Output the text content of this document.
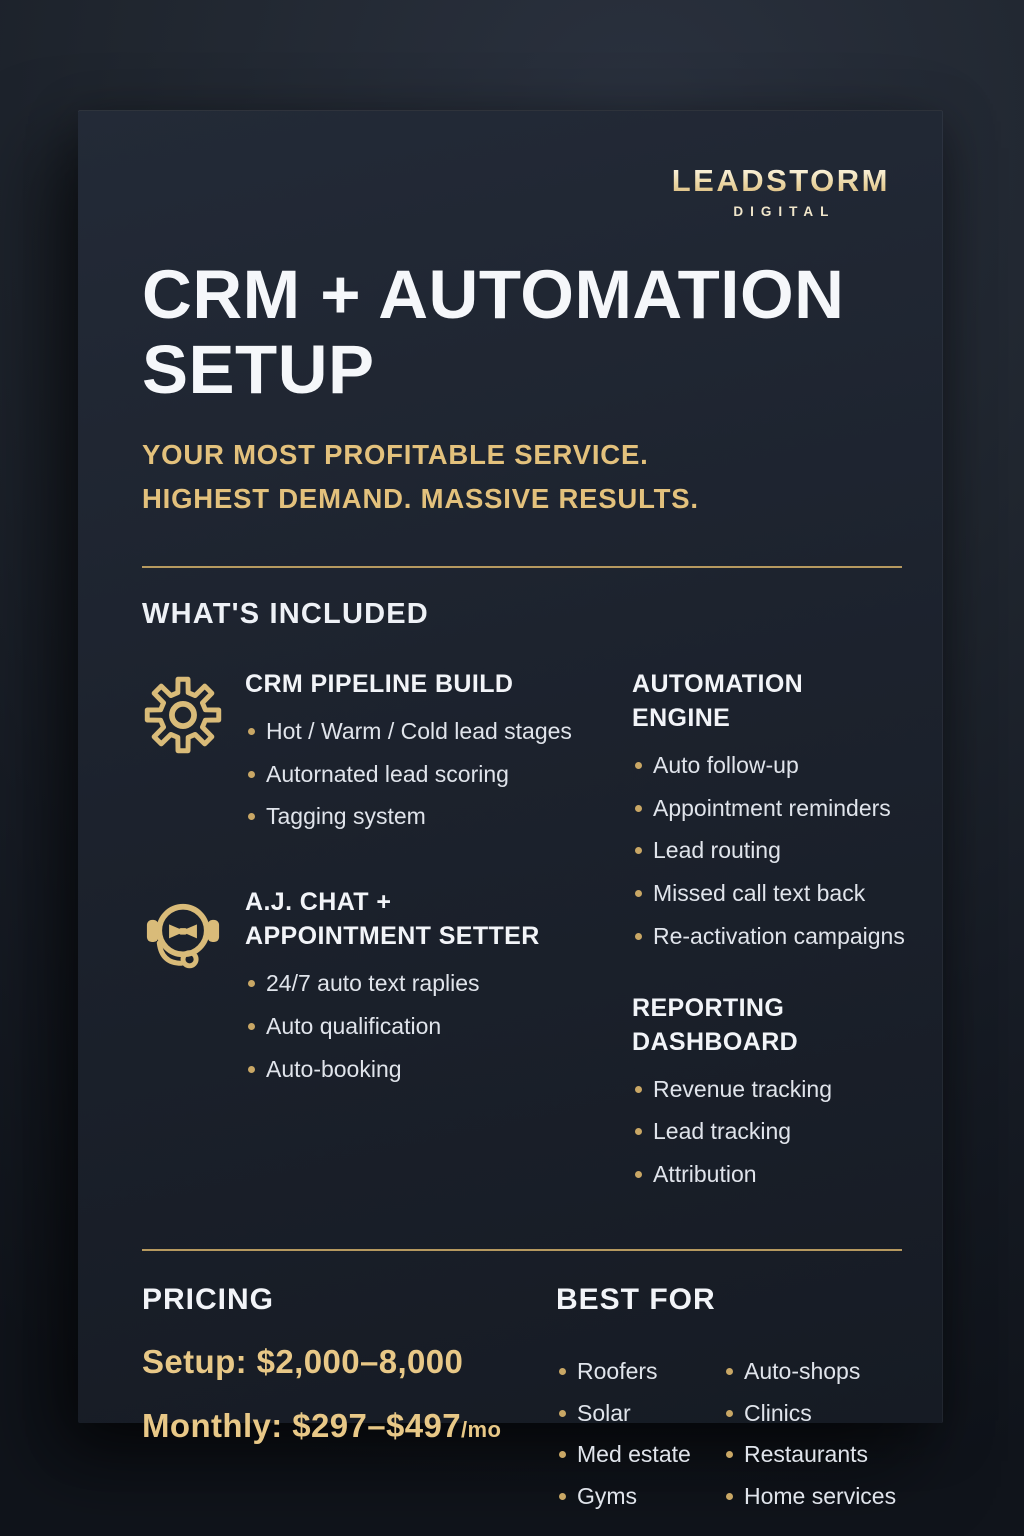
LEADSTORM
DIGITAL
CRM + AUTOMATION
SETUP
YOUR MOST PROFITABLE SERVICE.
HIGHEST DEMAND. MASSIVE RESULTS.
WHAT'S INCLUDED
CRM PIPELINE BUILD
Hot / Warm / Cold lead stages
Autornated lead scoring
Tagging system
A.J. CHAT + APPOINTMENT SETTER
24/7 auto text raplies
Auto qualification
Auto-booking
AUTOMATION ENGINE
Auto follow-up
Appointment reminders
Lead routing
Missed call text back
Re-activation campaigns
REPORTING DASHBOARD
Revenue tracking
Lead tracking
Attribution
PRICING
Setup: $2,000–8,000
Monthly: $297–$497/mo
BEST FOR
Roofers
Solar
Med estate
Gyms
Auto-shops
Clinics
Restaurants
Home services
